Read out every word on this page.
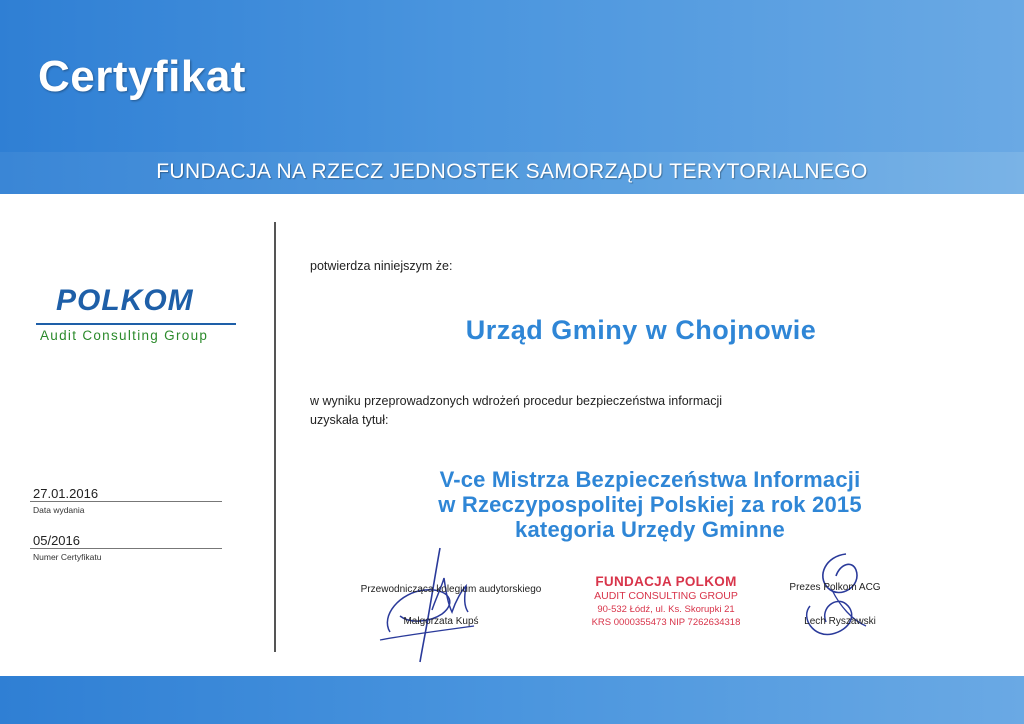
Certyfikat
FUNDACJA NA RZECZ JEDNOSTEK SAMORZĄDU TERYTORIALNEGO
POLKOM
Audit Consulting Group
27.01.2016
Data wydania
05/2016
Numer Certyfikatu
potwierdza niniejszym że:
Urząd Gminy w Chojnowie
w wyniku przeprowadzonych wdrożeń procedur bezpieczeństwa informacji
uzyskała tytuł:
V-ce Mistrza Bezpieczeństwa Informacji
w Rzeczypospolitej Polskiej za rok 2015
kategoria Urzędy Gminne
Przewodnicząca kolegium audytorskiego
Małgorzata Kupś
FUNDACJA POLKOM
AUDIT CONSULTING GROUP
90-532 Łódź, ul. Ks. Skorupki 21
KRS 0000355473 NIP 7262634318
Prezes Polkom ACG
Lech Ryszawski
